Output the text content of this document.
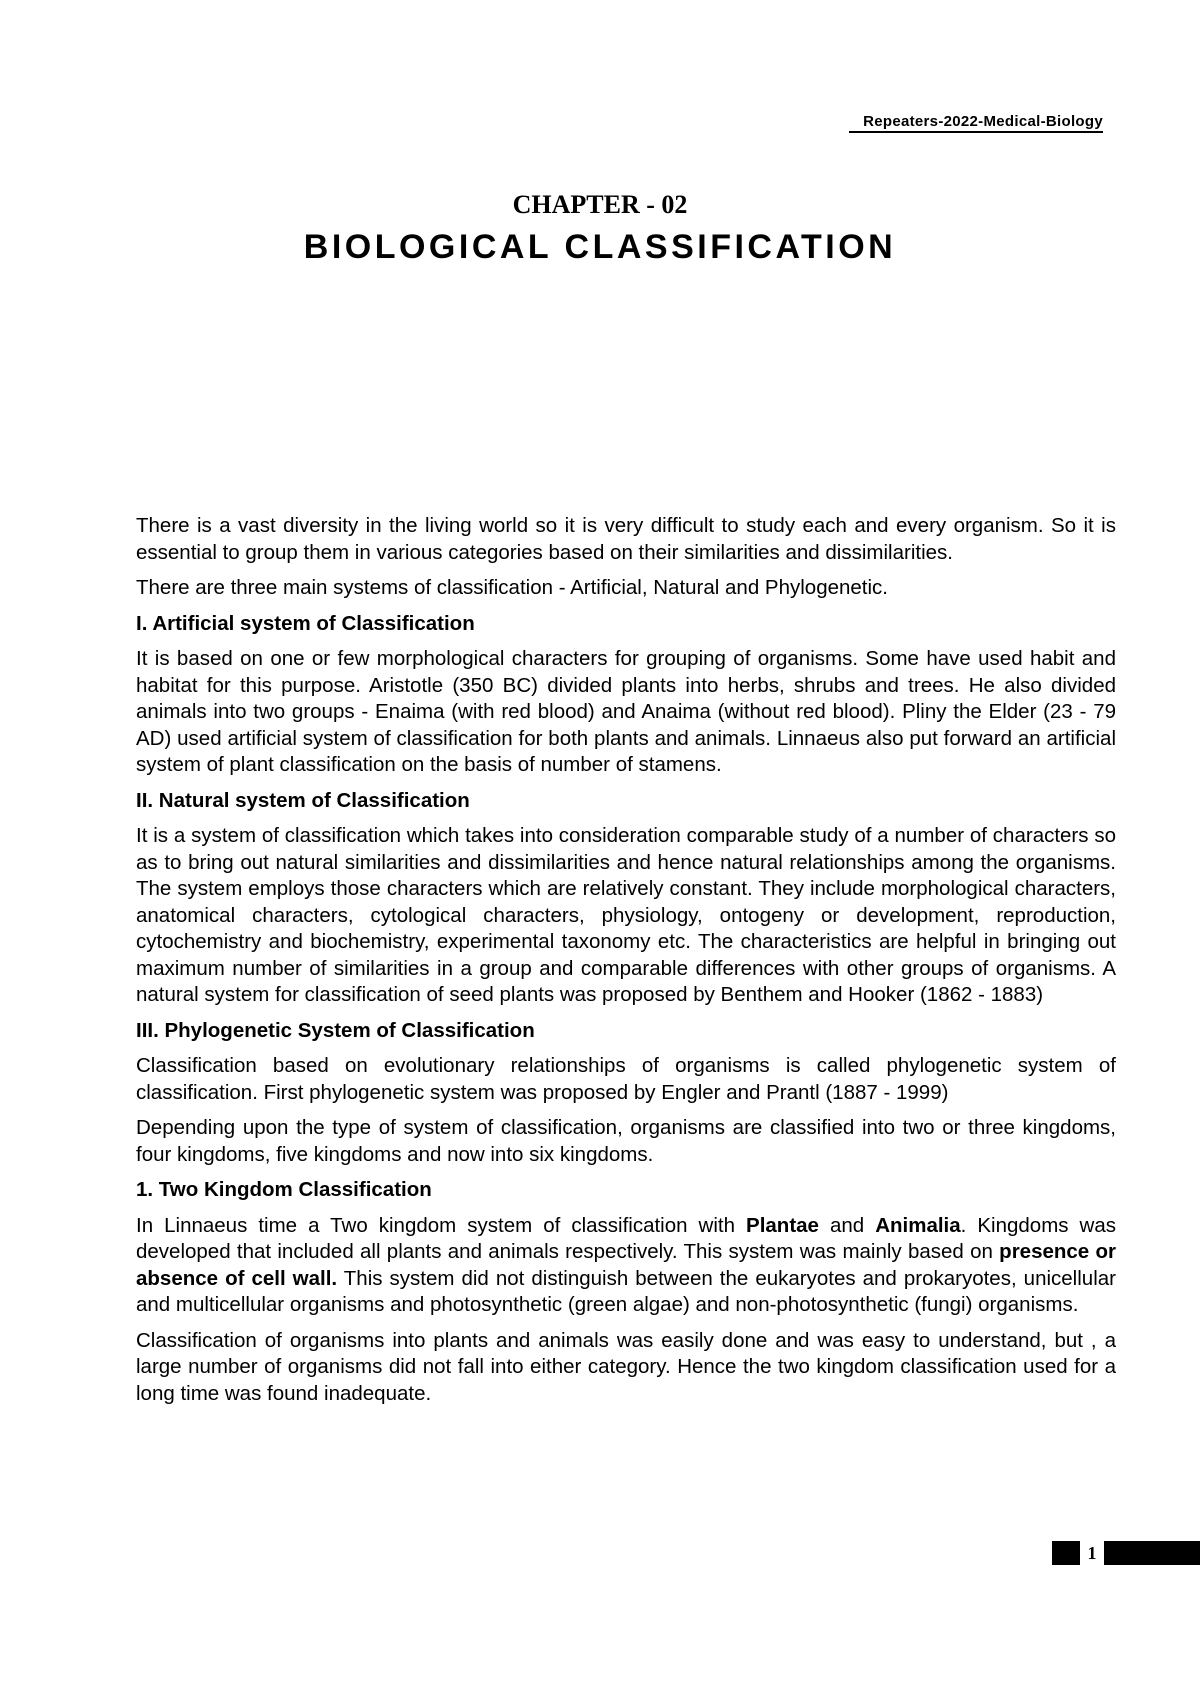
Repeaters-2022-Medical-Biology
CHAPTER - 02
BIOLOGICAL CLASSIFICATION

There is a vast diversity in the living world so it is very difficult to study each and every organism. So it is essential to group them in various categories based on their similarities and dissimilarities.

There are three main systems of classification - Artificial, Natural and Phylogenetic.

I. Artificial system of Classification

It is based on one or few morphological characters for grouping of organisms. Some have used habit and habitat for this purpose. Aristotle (350 BC) divided plants into herbs, shrubs and trees. He also divided animals into two groups - Enaima (with red blood) and Anaima (without red blood). Pliny the Elder (23 - 79 AD) used artificial system of classification for both plants and animals. Linnaeus also put forward an artificial system of plant classification on the basis of number of stamens.

II. Natural system of Classification

It is a system of classification which takes into consideration comparable study of a number of characters so as to bring out natural similarities and dissimilarities and hence natural relationships among the organisms. The system employs those characters which are relatively constant. They include morphological characters, anatomical characters, cytological characters, physiology, ontogeny or development, reproduction, cytochemistry and biochemistry, experimental taxonomy etc. The characteristics are helpful in bringing out maximum number of similarities in a group and comparable differences with other groups of organisms. A natural system for classification of seed plants was proposed by Benthem and Hooker (1862 - 1883)

III. Phylogenetic System of Classification

Classification based on evolutionary relationships of organisms is called phylogenetic system of classification. First phylogenetic system was proposed by Engler and Prantl (1887 - 1999)

Depending upon the type of system of classification, organisms are classified into two or three kingdoms, four kingdoms, five kingdoms and now into six kingdoms.

1. Two Kingdom Classification

In Linnaeus time a Two kingdom system of classification with Plantae and Animalia. Kingdoms was developed that included all plants and animals respectively. This system was mainly based on presence or absence of cell wall. This system did not distinguish between the eukaryotes and prokaryotes, unicellular and multicellular organisms and photosynthetic (green algae) and non-photosynthetic (fungi) organisms.

Classification of organisms into plants and animals was easily done and was easy to understand, but , a large number of organisms did not fall into either category. Hence the two kingdom classification used for a long time was found inadequate.

1
